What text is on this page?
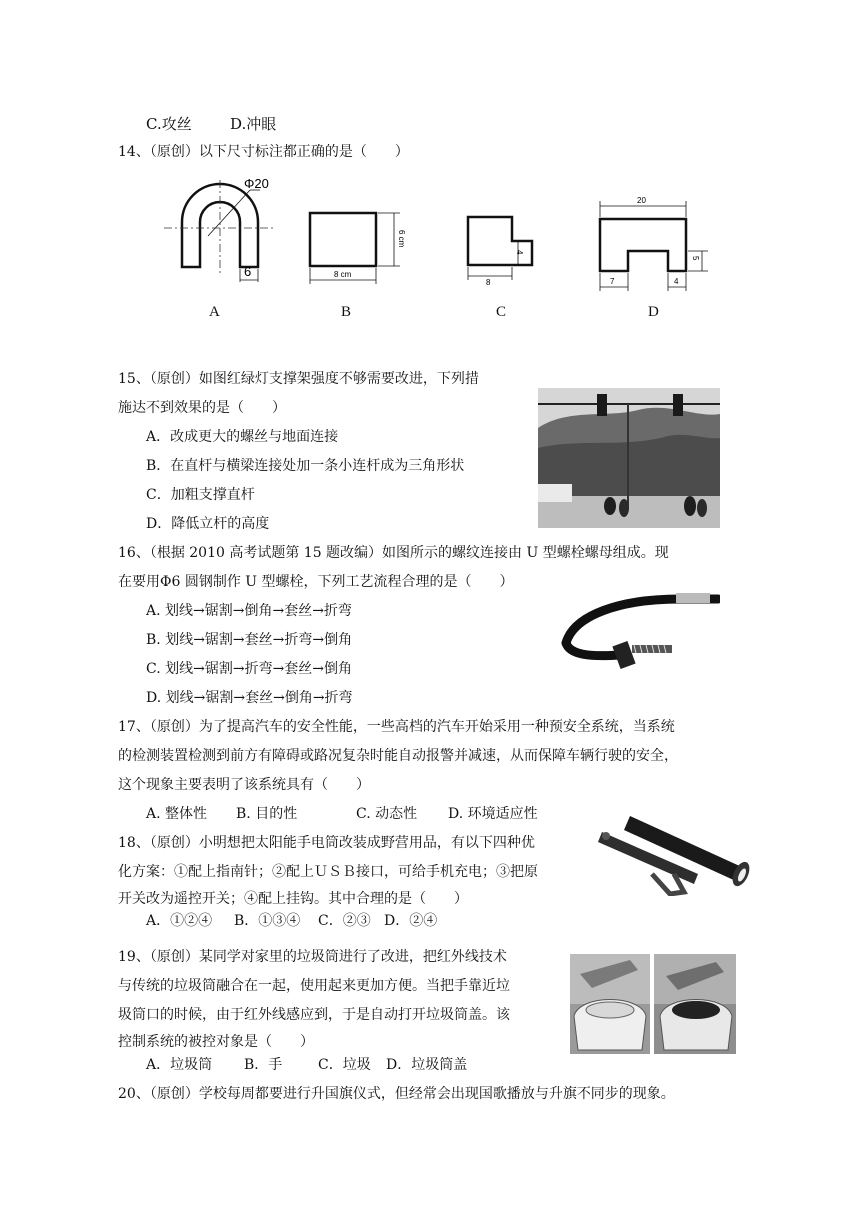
C.攻丝	D.冲眼
14、（原创）以下尺寸标注都正确的是（　　）
Φ20
6
A
6 cm
8 cm
B
4
8
C
20
5
7	4
D
15、（原创）如图红绿灯支撑架强度不够需要改进，下列措
施达不到效果的是（　　）
A．改成更大的螺丝与地面连接
B．在直杆与横梁连接处加一条小连杆成为三角形状
C．加粗支撑直杆
D．降低立杆的高度
16、（根据 2010 高考试题第 15 题改编）如图所示的螺纹连接由 U 型螺栓螺母组成。现
在要用Φ6 圆钢制作 U 型螺栓，下列工艺流程合理的是（　　）
A. 划线→锯割→倒角→套丝→折弯
B. 划线→锯割→套丝→折弯→倒角
C. 划线→锯割→折弯→套丝→倒角
D. 划线→锯割→套丝→倒角→折弯
17、（原创）为了提高汽车的安全性能，一些高档的汽车开始采用一种预安全系统，当系统
的检测装置检测到前方有障碍或路况复杂时能自动报警并减速，从而保障车辆行驶的安全，
这个现象主要表明了该系统具有（　　）
A. 整体性 B. 目的性	C. 动态性 D. 环境适应性
18、（原创）小明想把太阳能手电筒改装成野营用品，有以下四种优
化方案：①配上指南针；②配上ＵＳＢ接口，可给手机充电；③把原
开关改为遥控开关；④配上挂钩。其中合理的是（　　）
A．①②④ B．①③④ C．②③ D．②④
19、（原创）某同学对家里的垃圾筒进行了改进，把红外线技术
与传统的垃圾筒融合在一起，使用起来更加方便。当把手靠近垃
圾筒口的时候，由于红外线感应到，于是自动打开垃圾筒盖。该
控制系统的被控对象是（　　）
A．垃圾筒 B．手	C．垃圾 D．垃圾筒盖
20、（原创）学校每周都要进行升国旗仪式，但经常会出现国歌播放与升旗不同步的现象。
